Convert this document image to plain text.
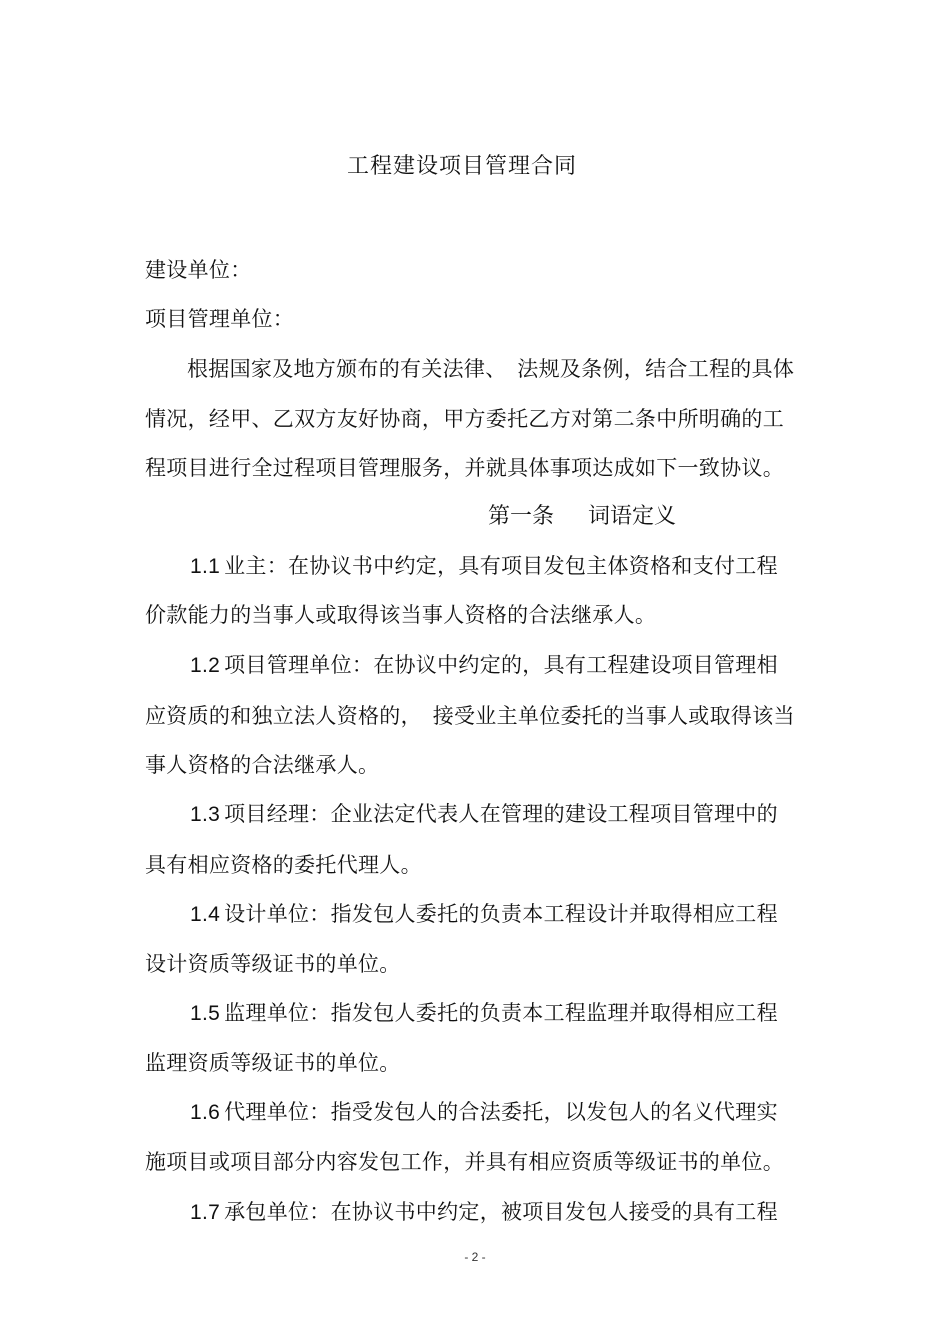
工程建设项目管理合同
建设单位：
项目管理单位：
根据国家及地方颁布的有关法律、　法规及条例，结合工程的具体
情况，经甲、乙双方友好协商，甲方委托乙方对第二条中所明确的工
程项目进行全过程项目管理服务，并就具体事项达成如下一致协议。
第一条 词语定义
1.1 业主：在协议书中约定，具有项目发包主体资格和支付工程
价款能力的当事人或取得该当事人资格的合法继承人。
1.2 项目管理单位：在协议中约定的，具有工程建设项目管理相
应资质的和独立法人资格的，　接受业主单位委托的当事人或取得该当
事人资格的合法继承人。
1.3 项目经理：企业法定代表人在管理的建设工程项目管理中的
具有相应资格的委托代理人。
1.4 设计单位：指发包人委托的负责本工程设计并取得相应工程
设计资质等级证书的单位。
1.5 监理单位：指发包人委托的负责本工程监理并取得相应工程
监理资质等级证书的单位。
1.6 代理单位：指受发包人的合法委托，以发包人的名义代理实
施项目或项目部分内容发包工作，并具有相应资质等级证书的单位。
1.7 承包单位：在协议书中约定，被项目发包人接受的具有工程
- 2 -
